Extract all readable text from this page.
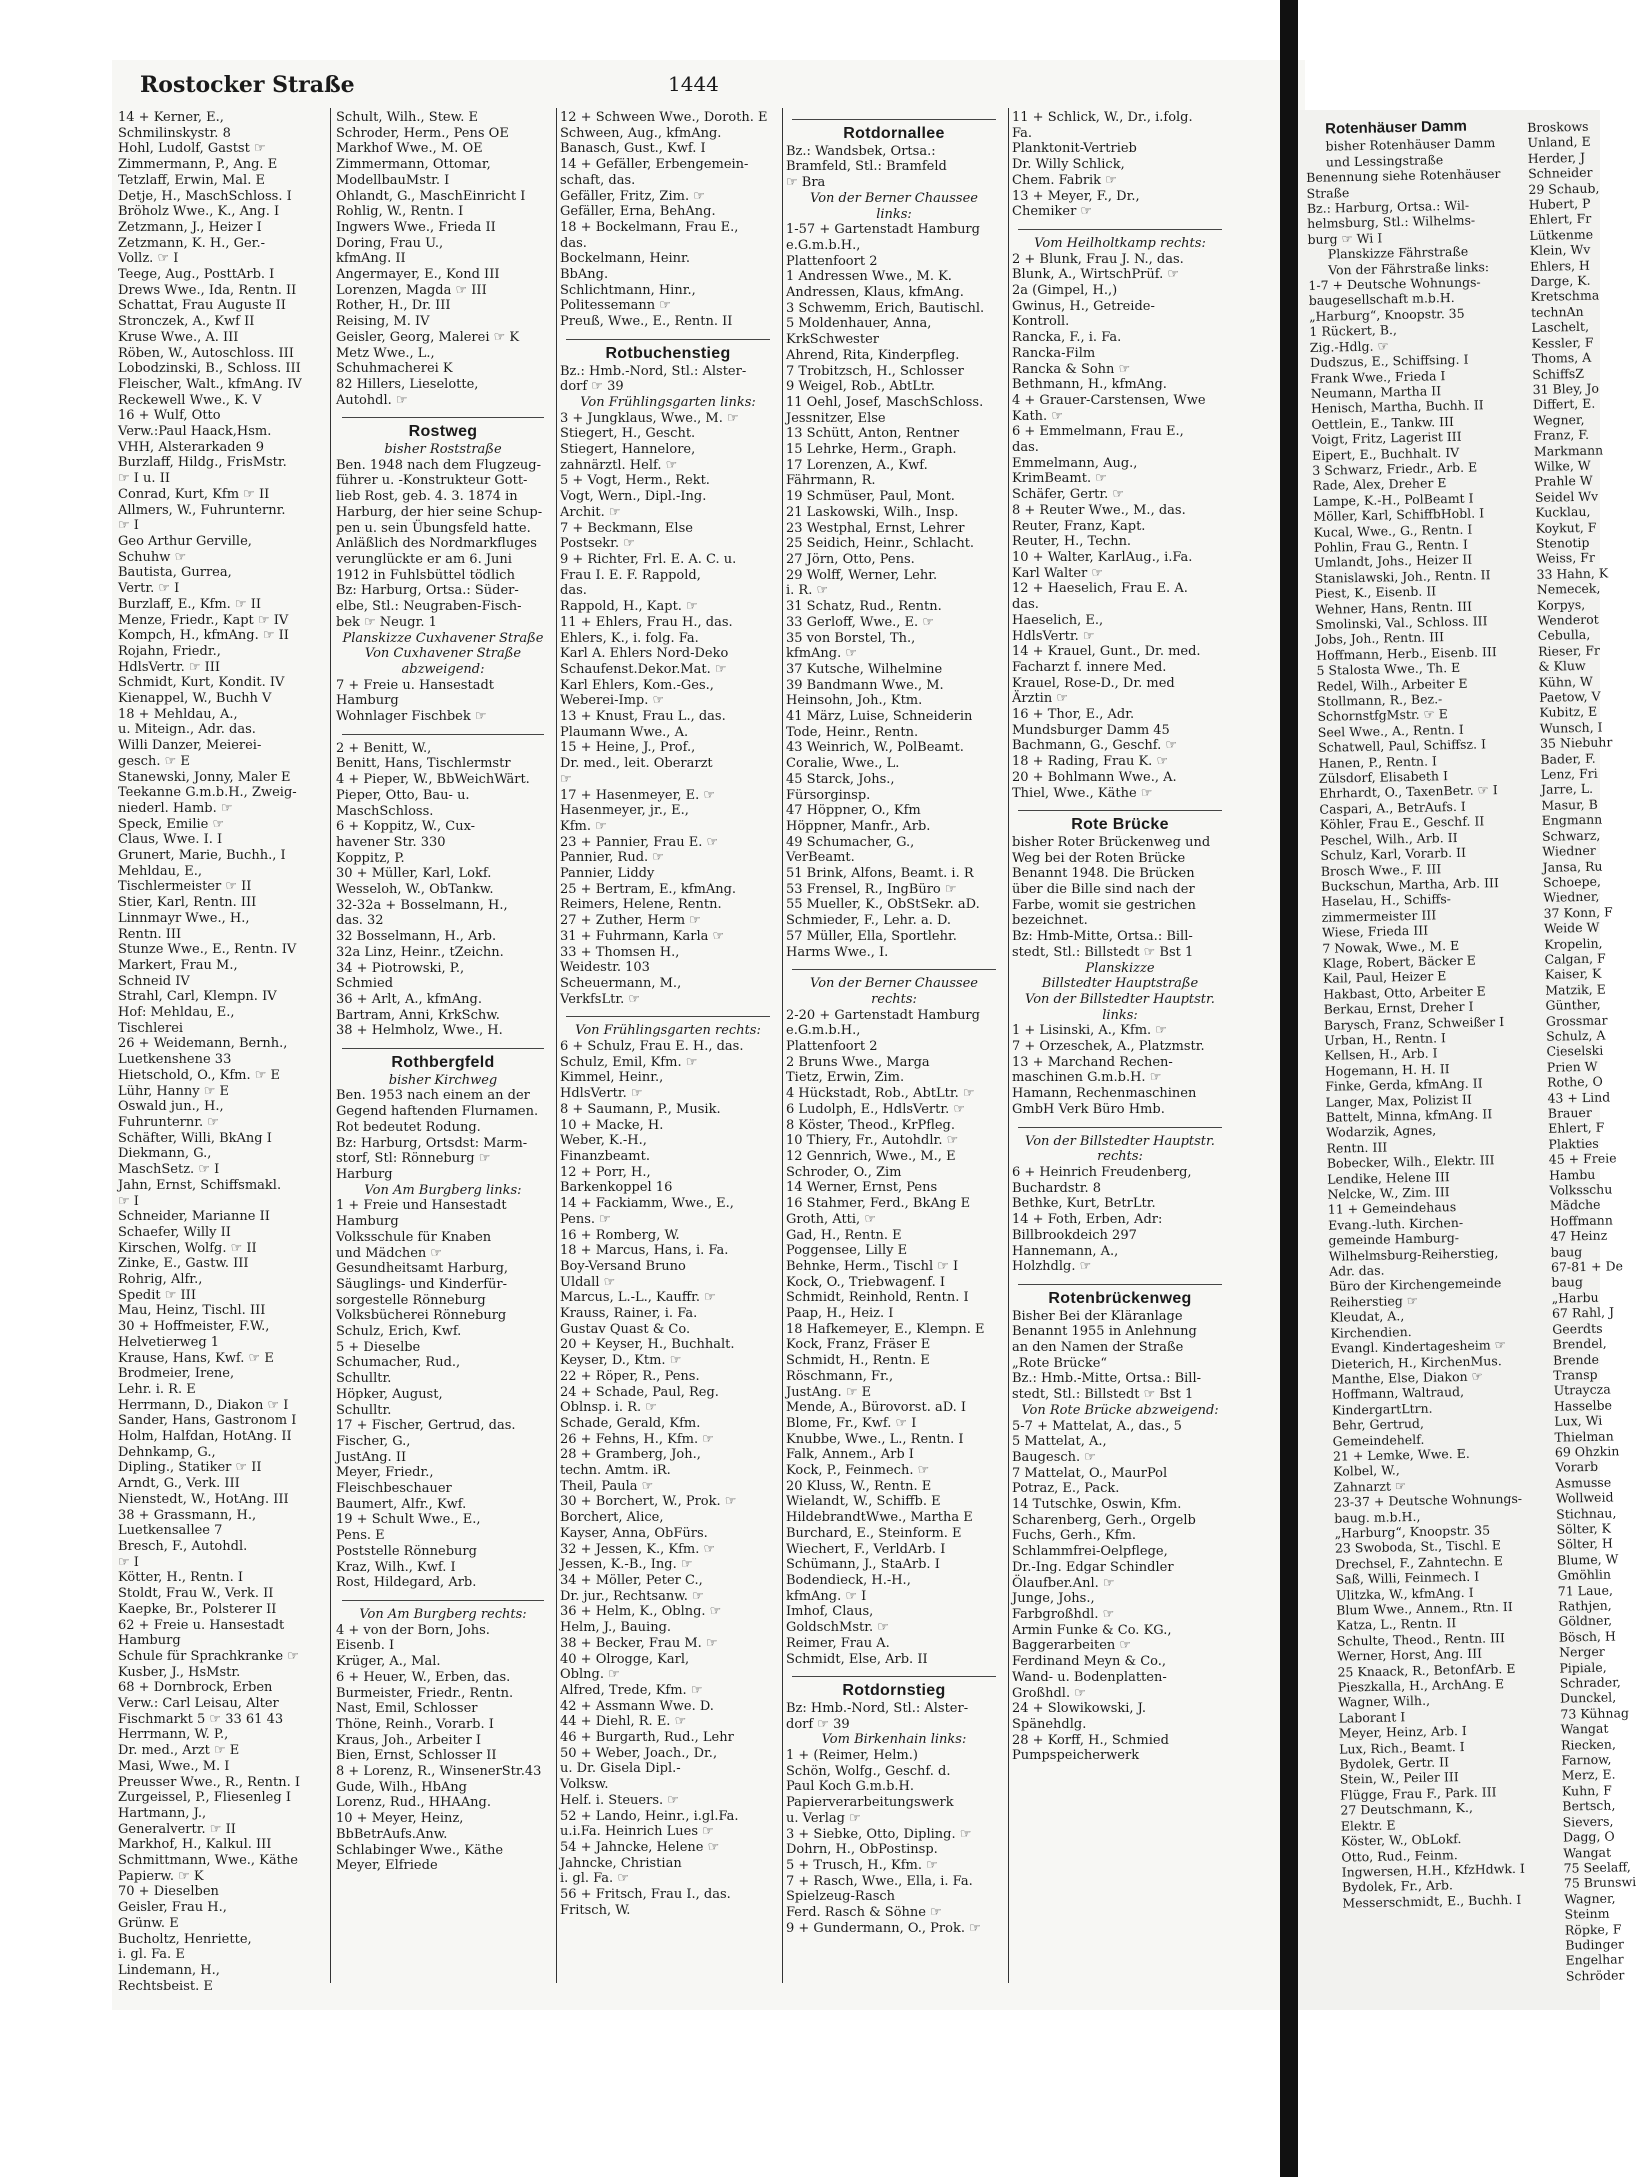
Rostocker Straße	1444
14 + Kerner, E.,
Schmilinskystr. 8
Hohl, Ludolf, Gastst ☞
Zimmermann, P., Ang. E
Tetzlaff, Erwin, Mal. E
Detje, H., MaschSchloss. I
Bröholz Wwe., K., Ang. I
Zetzmann, J., Heizer I
Zetzmann, K. H., Ger.-
Vollz. ☞ I
Teege, Aug., PosttArb. I
Drews Wwe., Ida, Rentn. II
Schattat, Frau Auguste II
Stronczek, A., Kwf II
Kruse Wwe., A. III
Röben, W., Autoschloss. III
Lobodzinski, B., Schloss. III
Fleischer, Walt., kfmAng. IV
Reckewell Wwe., K. V
16 + Wulf, Otto
Verw.:Paul Haack,Hsm.
VHH, Alsterarkaden 9
Burzlaff, Hildg., FrisMstr.
☞ I u. II
Conrad, Kurt, Kfm ☞ II
Allmers, W., Fuhrunternr.
☞ I
Geo Arthur Gerville,
Schuhw ☞
Bautista, Gurrea,
Vertr. ☞ I
Burzlaff, E., Kfm. ☞ II
Menze, Friedr., Kapt ☞ IV
Kompch, H., kfmAng. ☞ II
Rojahn, Friedr.,
HdlsVertr. ☞ III
Schmidt, Kurt, Kondit. IV
Kienappel, W., Buchh V
18 + Mehldau, A.,
u. Miteign., Adr. das.
Willi Danzer, Meierei-
gesch. ☞ E
Stanewski, Jonny, Maler E
Teekanne G.m.b.H., Zweig-
niederl. Hamb. ☞
Speck, Emilie ☞
Claus, Wwe. I. I
Grunert, Marie, Buchh., I
Mehldau, E.,
Tischlermeister ☞ II
Stier, Karl, Rentn. III
Linnmayr Wwe., H.,
Rentn. III
Stunze Wwe., E., Rentn. IV
Markert, Frau M.,
Schneid IV
Strahl, Carl, Klempn. IV
Hof: Mehldau, E.,
Tischlerei
26 + Weidemann, Bernh.,
Luetkenshene 33
Hietschold, O., Kfm. ☞ E
Lühr, Hanny ☞ E
Oswald jun., H.,
Fuhrunternr. ☞
Schäfter, Willi, BkAng I
Diekmann, G.,
MaschSetz. ☞ I
Jahn, Ernst, Schiffsmakl.
☞ I
Schneider, Marianne II
Schaefer, Willy II
Kirschen, Wolfg. ☞ II
Zinke, E., Gastw. III
Rohrig, Alfr.,
Spedit ☞ III
Mau, Heinz, Tischl. III
30 + Hoffmeister, F.W.,
Helvetierweg 1
Krause, Hans, Kwf. ☞ E
Brodmeier, Irene,
Lehr. i. R. E
Herrmann, D., Diakon ☞ I
Sander, Hans, Gastronom I
Holm, Halfdan, HotAng. II
Dehnkamp, G.,
Dipling., Statiker ☞ II
Arndt, G., Verk. III
Nienstedt, W., HotAng. III
38 + Grassmann, H.,
Luetkensallee 7
Bresch, F., Autohdl.
☞ I
Kötter, H., Rentn. I
Stoldt, Frau W., Verk. II
Kaepke, Br., Polsterer II
62 + Freie u. Hansestadt
Hamburg
Schule für Sprachkranke ☞
Kusber, J., HsMstr.
68 + Dornbrock, Erben
Verw.: Carl Leisau, Alter
Fischmarkt 5 ☞ 33 61 43
Herrmann, W. P.,
Dr. med., Arzt ☞ E
Masi, Wwe., M. I
Preusser Wwe., R., Rentn. I
Zurgeissel, P., Fliesenleg I
Hartmann, J.,
Generalvertr. ☞ II
Markhof, H., Kalkul. III
Schmittmann, Wwe., Käthe
Papierw. ☞ K
70 + Dieselben
Geisler, Frau H.,
Grünw. E
Bucholtz, Henriette,
i. gl. Fa. E
Lindemann, H.,
Rechtsbeist. E
Schult, Wilh., Stew. E
Schroder, Herm., Pens OE
Markhof Wwe., M. OE
Zimmermann, Ottomar,
ModellbauMstr. I
Ohlandt, G., MaschEinricht I
Rohlig, W., Rentn. I
Ingwers Wwe., Frieda II
Doring, Frau U.,
kfmAng. II
Angermayer, E., Kond III
Lorenzen, Magda ☞ III
Rother, H., Dr. III
Reising, M. IV
Geisler, Georg, Malerei ☞ K
Metz Wwe., L.,
Schuhmacherei K
82 Hillers, Lieselotte,
Autohdl. ☞
Rostweg
bisher Roststraße
Ben. 1948 nach dem Flugzeug-
führer u. -Konstrukteur Gott-
lieb Rost, geb. 4. 3. 1874 in
Harburg, der hier seine Schup-
pen u. sein Übungsfeld hatte.
Anläßlich des Nordmarkfluges
verunglückte er am 6. Juni
1912 in Fuhlsbüttel tödlich
Bz: Harburg, Ortsa.: Süder-
elbe, Stl.: Neugraben-Fisch-
bek ☞ Neugr. 1
Planskizze Cuxhavener Straße
Von Cuxhavener Straße
abzweigend:
7 + Freie u. Hansestadt
Hamburg
Wohnlager Fischbek ☞
2 + Benitt, W.,
Benitt, Hans, Tischlermstr
4 + Pieper, W., BbWeichWärt.
Pieper, Otto, Bau- u.
MaschSchloss.
6 + Koppitz, W., Cux-
havener Str. 330
Koppitz, P.
30 + Müller, Karl, Lokf.
Wesseloh, W., ObTankw.
32-32a + Bosselmann, H.,
das. 32
32 Bosselmann, H., Arb.
32a Linz, Heinr., tZeichn.
34 + Piotrowski, P.,
Schmied
36 + Arlt, A., kfmAng.
Bartram, Anni, KrkSchw.
38 + Helmholz, Wwe., H.
Rothbergfeld
bisher Kirchweg
Ben. 1953 nach einem an der
Gegend haftenden Flurnamen.
Rot bedeutet Rodung.
Bz: Harburg, Ortsdst: Marm-
storf, Stl: Rönneburg ☞
Harburg
Von Am Burgberg links:
1 + Freie und Hansestadt
Hamburg
Volksschule für Knaben
und Mädchen ☞
Gesundheitsamt Harburg,
Säuglings- und Kinderfür-
sorgestelle Rönneburg
Volksbücherei Rönneburg
Schulz, Erich, Kwf.
5 + Dieselbe
Schumacher, Rud.,
Schulltr.
Höpker, August,
Schulltr.
17 + Fischer, Gertrud, das.
Fischer, G.,
JustAng. II
Meyer, Friedr.,
Fleischbeschauer
Baumert, Alfr., Kwf.
19 + Schult Wwe., E.,
Pens. E
Poststelle Rönneburg
Kraz, Wilh., Kwf. I
Rost, Hildegard, Arb.
Von Am Burgberg rechts:
4 + von der Born, Johs.
Eisenb. I
Krüger, A., Mal.
6 + Heuer, W., Erben, das.
Burmeister, Friedr., Rentn.
Nast, Emil, Schlosser
Thöne, Reinh., Vorarb. I
Kraus, Joh., Arbeiter I
Bien, Ernst, Schlosser II
8 + Lorenz, R., WinsenerStr.43
Gude, Wilh., HbAng
Lorenz, Rud., HHAAng.
10 + Meyer, Heinz,
BbBetrAufs.Anw.
Schlabinger Wwe., Käthe
Meyer, Elfriede
12 + Schween Wwe., Doroth. E
Schween, Aug., kfmAng.
Banasch, Gust., Kwf. I
14 + Gefäller, Erbengemein-
schaft, das.
Gefäller, Fritz, Zim. ☞
Gefäller, Erna, BehAng.
18 + Bockelmann, Frau E.,
das.
Bockelmann, Heinr.
BbAng.
Schlichtmann, Hinr.,
Politessemann ☞
Preuß, Wwe., E., Rentn. II
Rotbuchenstieg
Bz.: Hmb.-Nord, Stl.: Alster-
dorf ☞ 39
Von Frühlingsgarten links:
3 + Jungklaus, Wwe., M. ☞
Stiegert, H., Gescht.
Stiegert, Hannelore,
zahnärztl. Helf. ☞
5 + Vogt, Herm., Rekt.
Vogt, Wern., Dipl.-Ing.
Archit. ☞
7 + Beckmann, Else
Postsekr. ☞
9 + Richter, Frl. E. A. C. u.
Frau I. E. F. Rappold,
das.
Rappold, H., Kapt. ☞
11 + Ehlers, Frau H., das.
Ehlers, K., i. folg. Fa.
Karl A. Ehlers Nord-Deko
Schaufenst.Dekor.Mat. ☞
Karl Ehlers, Kom.-Ges.,
Weberei-Imp. ☞
13 + Knust, Frau L., das.
Plaumann Wwe., A.
15 + Heine, J., Prof.,
Dr. med., leit. Oberarzt
☞
17 + Hasenmeyer, E. ☞
Hasenmeyer, jr., E.,
Kfm. ☞
23 + Pannier, Frau E. ☞
Pannier, Rud. ☞
Pannier, Liddy
25 + Bertram, E., kfmAng.
Reimers, Helene, Rentn.
27 + Zuther, Herm ☞
31 + Fuhrmann, Karla ☞
33 + Thomsen H.,
Weidestr. 103
Scheuermann, M.,
VerkfsLtr. ☞
Von Frühlingsgarten rechts:
6 + Schulz, Frau E. H., das.
Schulz, Emil, Kfm. ☞
Kimmel, Heinr.,
HdlsVertr. ☞
8 + Saumann, P., Musik.
10 + Macke, H.
Weber, K.-H.,
Finanzbeamt.
12 + Porr, H.,
Barkenkoppel 16
14 + Fackiamm, Wwe., E.,
Pens. ☞
16 + Romberg, W.
18 + Marcus, Hans, i. Fa.
Boy-Versand Bruno
Uldall ☞
Marcus, L.-L., Kauffr. ☞
Krauss, Rainer, i. Fa.
Gustav Quast & Co.
20 + Keyser, H., Buchhalt.
Keyser, D., Ktm. ☞
22 + Röper, R., Pens.
24 + Schade, Paul, Reg.
Oblnsp. i. R. ☞
Schade, Gerald, Kfm.
26 + Fehns, H., Kfm. ☞
28 + Gramberg, Joh.,
techn. Amtm. iR.
Theil, Paula ☞
30 + Borchert, W., Prok. ☞
Borchert, Alice,
Kayser, Anna, ObFürs.
32 + Jessen, K., Kfm. ☞
Jessen, K.-B., Ing. ☞
34 + Möller, Peter C.,
Dr. jur., Rechtsanw. ☞
36 + Helm, K., Oblng. ☞
Helm, J., Bauing.
38 + Becker, Frau M. ☞
40 + Olrogge, Karl,
Oblng. ☞
Alfred, Trede, Kfm. ☞
42 + Assmann Wwe. D.
44 + Diehl, R. E. ☞
46 + Burgarth, Rud., Lehr
50 + Weber, Joach., Dr.,
u. Dr. Gisela Dipl.-
Volksw.
Helf. i. Steuers. ☞
52 + Lando, Heinr., i.gl.Fa.
u.i.Fa. Heinrich Lues ☞
54 + Jahncke, Helene ☞
Jahncke, Christian
i. gl. Fa. ☞
56 + Fritsch, Frau I., das.
Fritsch, W.
Rotdornallee
Bz.: Wandsbek, Ortsa.:
Bramfeld, Stl.: Bramfeld
☞ Bra
Von der Berner Chaussee
links:
1-57 + Gartenstadt Hamburg
e.G.m.b.H.,
Plattenfoort 2
1 Andressen Wwe., M. K.
Andressen, Klaus, kfmAng.
3 Schwemm, Erich, Bautischl.
5 Moldenhauer, Anna,
KrkSchwester
Ahrend, Rita, Kinderpfleg.
7 Trobitzsch, H., Schlosser
9 Weigel, Rob., AbtLtr.
11 Oehl, Josef, MaschSchloss.
Jessnitzer, Else
13 Schütt, Anton, Rentner
15 Lehrke, Herm., Graph.
17 Lorenzen, A., Kwf.
Fährmann, R.
19 Schmüser, Paul, Mont.
21 Laskowski, Wilh., Insp.
23 Westphal, Ernst, Lehrer
25 Seidich, Heinr., Schlacht.
27 Jörn, Otto, Pens.
29 Wolff, Werner, Lehr.
i. R. ☞
31 Schatz, Rud., Rentn.
33 Gerloff, Wwe., E. ☞
35 von Borstel, Th.,
kfmAng. ☞
37 Kutsche, Wilhelmine
39 Bandmann Wwe., M.
Heinsohn, Joh., Ktm.
41 März, Luise, Schneiderin
Tode, Heinr., Rentn.
43 Weinrich, W., PolBeamt.
Coralie, Wwe., L.
45 Starck, Johs.,
Fürsorginsp.
47 Höppner, O., Kfm
Höppner, Manfr., Arb.
49 Schumacher, G.,
VerBeamt.
51 Brink, Alfons, Beamt. i. R
53 Frensel, R., IngBüro ☞
55 Mueller, K., ObStSekr. aD.
Schmieder, F., Lehr. a. D.
57 Müller, Ella, Sportlehr.
Harms Wwe., I.
Von der Berner Chaussee
rechts:
2-20 + Gartenstadt Hamburg
e.G.m.b.H.,
Plattenfoort 2
2 Bruns Wwe., Marga
Tietz, Erwin, Zim.
4 Hückstadt, Rob., AbtLtr. ☞
6 Ludolph, E., HdlsVertr. ☞
8 Köster, Theod., KrPfleg.
10 Thiery, Fr., Autohdlr. ☞
12 Gennrich, Wwe., M., E
Schroder, O., Zim
14 Werner, Ernst, Pens
16 Stahmer, Ferd., BkAng E
Groth, Atti, ☞
Gad, H., Rentn. E
Poggensee, Lilly E
Behnke, Herm., Tischl ☞ I
Kock, O., Triebwagenf. I
Schmidt, Reinhold, Rentn. I
Paap, H., Heiz. I
18 Hafkemeyer, E., Klempn. E
Kock, Franz, Fräser E
Schmidt, H., Rentn. E
Röschmann, Fr.,
JustAng. ☞ E
Mende, A., Bürovorst. aD. I
Blome, Fr., Kwf. ☞ I
Knubbe, Wwe., L., Rentn. I
Falk, Annem., Arb I
Kock, P., Feinmech. ☞
20 Kluss, W., Rentn. E
Wielandt, W., Schiffb. E
HildebrandtWwe., Martha E
Burchard, E., Steinform. E
Wiechert, F., VerldArb. I
Schümann, J., StaArb. I
Bodendieck, H.-H.,
kfmAng. ☞ I
Imhof, Claus,
GoldschMstr. ☞
Reimer, Frau A.
Schmidt, Else, Arb. II
Rotdornstieg
Bz: Hmb.-Nord, Stl.: Alster-
dorf ☞ 39
Vom Birkenhain links:
1 + (Reimer, Helm.)
Schön, Wolfg., Geschf. d.
Paul Koch G.m.b.H.
Papierverarbeitungswerk
u. Verlag ☞
3 + Siebke, Otto, Dipling. ☞
Dohrn, H., ObPostinsp.
5 + Trusch, H., Kfm. ☞
7 + Rasch, Wwe., Ella, i. Fa.
Spielzeug-Rasch
Ferd. Rasch & Söhne ☞
9 + Gundermann, O., Prok. ☞
11 + Schlick, W., Dr., i.folg.
Fa.
Planktonit-Vertrieb
Dr. Willy Schlick,
Chem. Fabrik ☞
13 + Meyer, F., Dr.,
Chemiker ☞
Vom Heilholtkamp rechts:
2 + Blunk, Frau J. N., das.
Blunk, A., WirtschPrüf. ☞
2a (Gimpel, H.,)
Gwinus, H., Getreide-
Kontroll.
Rancka, F., i. Fa.
Rancka-Film
Rancka & Sohn ☞
Bethmann, H., kfmAng.
4 + Grauer-Carstensen, Wwe
Kath. ☞
6 + Emmelmann, Frau E.,
das.
Emmelmann, Aug.,
KrimBeamt. ☞
Schäfer, Gertr. ☞
8 + Reuter Wwe., M., das.
Reuter, Franz, Kapt.
Reuter, H., Techn.
10 + Walter, KarlAug., i.Fa.
Karl Walter ☞
12 + Haeselich, Frau E. A.
das.
Haeselich, E.,
HdlsVertr. ☞
14 + Krauel, Gunt., Dr. med.
Facharzt f. innere Med.
Krauel, Rose-D., Dr. med
Ärztin ☞
16 + Thor, E., Adr.
Mundsburger Damm 45
Bachmann, G., Geschf. ☞
18 + Rading, Frau K. ☞
20 + Bohlmann Wwe., A.
Thiel, Wwe., Käthe ☞
Rote Brücke
bisher Roter Brückenweg und
Weg bei der Roten Brücke
Benannt 1948. Die Brücken
über die Bille sind nach der
Farbe, womit sie gestrichen
bezeichnet.
Bz: Hmb-Mitte, Ortsa.: Bill-
stedt, Stl.: Billstedt ☞ Bst 1
Planskizze
Billstedter Hauptstraße
Von der Billstedter Hauptstr.
links:
1 + Lisinski, A., Kfm. ☞
7 + Orzeschek, A., Platzmstr.
13 + Marchand Rechen-
maschinen G.m.b.H. ☞
Hamann, Rechenmaschinen
GmbH Verk Büro Hmb.
Von der Billstedter Hauptstr.
rechts:
6 + Heinrich Freudenberg,
Buchardstr. 8
Bethke, Kurt, BetrLtr.
14 + Foth, Erben, Adr:
Billbrookdeich 297
Hannemann, A.,
Holzhdlg. ☞
Rotenbrückenweg
Bisher Bei der Kläranlage
Benannt 1955 in Anlehnung
an den Namen der Straße
„Rote Brücke“
Bz.: Hmb.-Mitte, Ortsa.: Bill-
stedt, Stl.: Billstedt ☞ Bst 1
Von Rote Brücke abzweigend:
5-7 + Mattelat, A., das., 5
5 Mattelat, A.,
Baugesch. ☞
7 Mattelat, O., MaurPol
Potraz, E., Pack.
14 Tutschke, Oswin, Kfm.
Scharenberg, Gerh., Orgelb
Fuchs, Gerh., Kfm.
Schlammfrei-Oelpflege,
Dr.-Ing. Edgar Schindler
Ölaufber.Anl. ☞
Junge, Johs.,
Farbgroßhdl. ☞
Armin Funke & Co. KG.,
Baggerarbeiten ☞
Ferdinand Meyn & Co.,
Wand- u. Bodenplatten-
Großhdl. ☞
24 + Slowikowski, J.
Spänehdlg.
28 + Korff, H., Schmied
Pumpspeicherwerk
Rotenhäuser Damm
bisher Rotenhäuser Damm
und Lessingstraße
Benennung siehe Rotenhäuser
Straße
Bz.: Harburg, Ortsa.: Wil-
helmsburg, Stl.: Wilhelms-
burg ☞ Wi I
Planskizze Fährstraße
Von der Fährstraße links:
1-7 + Deutsche Wohnungs-
baugesellschaft m.b.H.
„Harburg“, Knoopstr. 35
1 Rückert, B.,
Zig.-Hdlg. ☞
Dudszus, E., Schiffsing. I
Frank Wwe., Frieda I
Neumann, Martha II
Henisch, Martha, Buchh. II
Oettlein, E., Tankw. III
Voigt, Fritz, Lagerist III
Eipert, E., Buchhalt. IV
3 Schwarz, Friedr., Arb. E
Rade, Alex, Dreher E
Lampe, K.-H., PolBeamt I
Möller, Karl, SchiffbHobl. I
Kucal, Wwe., G., Rentn. I
Pohlin, Frau G., Rentn. I
Umlandt, Johs., Heizer II
Stanislawski, Joh., Rentn. II
Piest, K., Eisenb. II
Wehner, Hans, Rentn. III
Smolinski, Val., Schloss. III
Jobs, Joh., Rentn. III
Hoffmann, Herb., Eisenb. III
5 Stalosta Wwe., Th. E
Redel, Wilh., Arbeiter E
Stollmann, R., Bez.-
SchornstfgMstr. ☞ E
Seel Wwe., A., Rentn. I
Schatwell, Paul, Schiffsz. I
Hanen, P., Rentn. I
Zülsdorf, Elisabeth I
Ehrhardt, O., TaxenBetr. ☞ I
Caspari, A., BetrAufs. I
Köhler, Frau E., Geschf. II
Peschel, Wilh., Arb. II
Schulz, Karl, Vorarb. II
Brosch Wwe., F. III
Buckschun, Martha, Arb. III
Haselau, H., Schiffs-
zimmermeister III
Wiese, Frieda III
7 Nowak, Wwe., M. E
Klage, Robert, Bäcker E
Kail, Paul, Heizer E
Hakbast, Otto, Arbeiter E
Berkau, Ernst, Dreher I
Barysch, Franz, Schweißer I
Urban, H., Rentn. I
Kellsen, H., Arb. I
Hogemann, H. H. II
Finke, Gerda, kfmAng. II
Langer, Max, Polizist II
Battelt, Minna, kfmAng. II
Wodarzik, Agnes,
Rentn. III
Bobecker, Wilh., Elektr. III
Lendike, Helene III
Nelcke, W., Zim. III
11 + Gemeindehaus
Evang.-luth. Kirchen-
gemeinde Hamburg-
Wilhelmsburg-Reiherstieg,
Adr. das.
Büro der Kirchengemeinde
Reiherstieg ☞
Kleudat, A.,
Kirchendien.
Evangl. Kindertagesheim ☞
Dieterich, H., KirchenMus.
Manthe, Else, Diakon ☞
Hoffmann, Waltraud,
KindergartLtrn.
Behr, Gertrud,
Gemeindehelf.
21 + Lemke, Wwe. E.
Kolbel, W.,
Zahnarzt ☞
23-37 + Deutsche Wohnungs-
baug. m.b.H.,
„Harburg“, Knoopstr. 35
23 Swoboda, St., Tischl. E
Drechsel, F., Zahntechn. E
Saß, Willi, Feinmech. I
Ulitzka, W., kfmAng. I
Blum Wwe., Annem., Rtn. II
Katza, L., Rentn. II
Schulte, Theod., Rentn. III
Werner, Horst, Ang. III
25 Knaack, R., BetonfArb. E
Pieszkalla, H., ArchAng. E
Wagner, Wilh.,
Laborant I
Meyer, Heinz, Arb. I
Lux, Rich., Beamt. I
Bydolek, Gertr. II
Stein, W., Peiler III
Flügge, Frau F., Park. III
27 Deutschmann, K.,
Elektr. E
Köster, W., ObLokf.
Otto, Rud., Feinm.
Ingwersen, H.H., KfzHdwk. I
Bydolek, Fr., Arb.
Messerschmidt, E., Buchh. I
Broskows
Unland, E
Herder, J
Schneider
29 Schaub,
Hubert, P
Ehlert, Fr
Lütkenme
Klein, Wv
Ehlers, H
Darge, K.
Kretschma
technAn
Laschelt,
Kessler, F
Thoms, A
SchiffsZ
31 Bley, Jo
Differt, E.
Wegner,
Franz, F.
Markmann
Wilke, W
Prahle W
Seidel Wv
Kucklau,
Koykut, F
Stenotip
Weiss, Fr
33 Hahn, K
Nemecek,
Korpys,
Wenderot
Cebulla,
Rieser, Fr
& Kluw
Kühn, W
Paetow, V
Kubitz, E
Wunsch, I
35 Niebuhr
Bader, F.
Lenz, Fri
Jarre, L.
Masur, B
Engmann
Schwarz,
Wiedner
Jansa, Ru
Schoepe,
Wiedner,
37 Konn, F
Weide W
Kropelin,
Calgan, F
Kaiser, K
Matzik, E
Günther,
Grossmar
Schulz, A
Cieselski
Prien W
Rothe, O
43 + Lind
Brauer
Ehlert, F
Plakties
45 + Freie
Hambu
Volksschu
Mädche
Hoffmann
47 Heinz
baug
67-81 + De
baug
„Harbu
67 Rahl, J
Geerdts
Brendel,
Brende
Transp
Utraycza
Hasselbe
Lux, Wi
Thielman
69 Ohzkin
Vorarb
Asmusse
Wollweid
Stichnau,
Sölter, K
Sölter, H
Blume, W
Gmöhlin
71 Laue,
Rathjen,
Göldner,
Bösch, H
Nerger
Pipiale,
Schrader,
Dunckel,
73 Kühnag
Wangat
Riecken,
Farnow,
Merz, E.
Kuhn, F
Bertsch,
Sievers,
Dagg, O
Wangat
75 Seelaff,
75 Brunswi
Wagner,
Steinm
Röpke, F
Budinger
Engelhar
Schröder
